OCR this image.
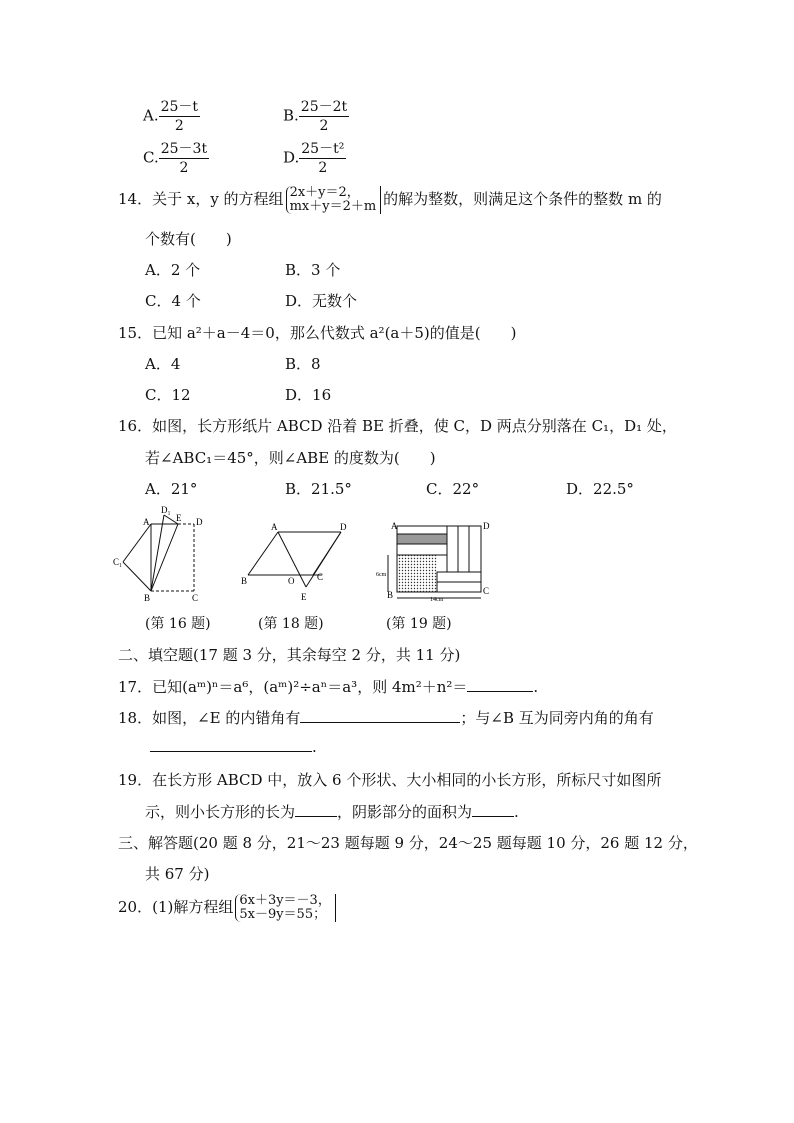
A. $\frac{25-t}{2}$	B. $\frac{25-2t}{2}$
C. $\frac{25-3t}{2}$	D. $\frac{\text{25－t²}}{2}$
14．关于 x，y 的方程组 2x＋y＝2，
mx＋y＝2＋m 的解为整数，则满足这个条件的整数 m 的
个数有(　　)
A．2 个	B．3 个
C．4 个	D．无数个
15．已知 a²＋a－4＝0，那么代数式 a²(a＋5)的值是(　　)
A．4	B．8
C．12	D．16
16．如图，长方形纸片 ABCD 沿着 BE 折叠，使 C，D 两点分别落在 C₁，D₁ 处，
若∠ABC₁＝45°，则∠ABE 的度数为(　　)
A．21°	B．21.5°	C．22°	D．22.5°
A
D₁
E D
C₁
B	C
(第 16 题)
A	D
B	O	C
E
(第 18 题)
A	D
B	C
6cm
14cm
(第 19 题)
二、填空题(17 题 3 分，其余每空 2 分，共 11 分)
17．已知(aᵐ)ⁿ＝a⁶，(aᵐ)²÷aⁿ＝a³，则 4m²＋n²＝	.
18．如图，∠E 的内错角有	；与∠B 互为同旁内角的角有
.
19．在长方形 ABCD 中，放入 6 个形状、大小相同的小长方形，所标尺寸如图所
示，则小长方形的长为	，阴影部分的面积为	.
三、解答题(20 题 8 分，21～23 题每题 9 分，24～25 题每题 10 分，26 题 12 分，
共 67 分)
20．(1)解方程组 6x＋3y＝－3，
5x－9y＝55；
